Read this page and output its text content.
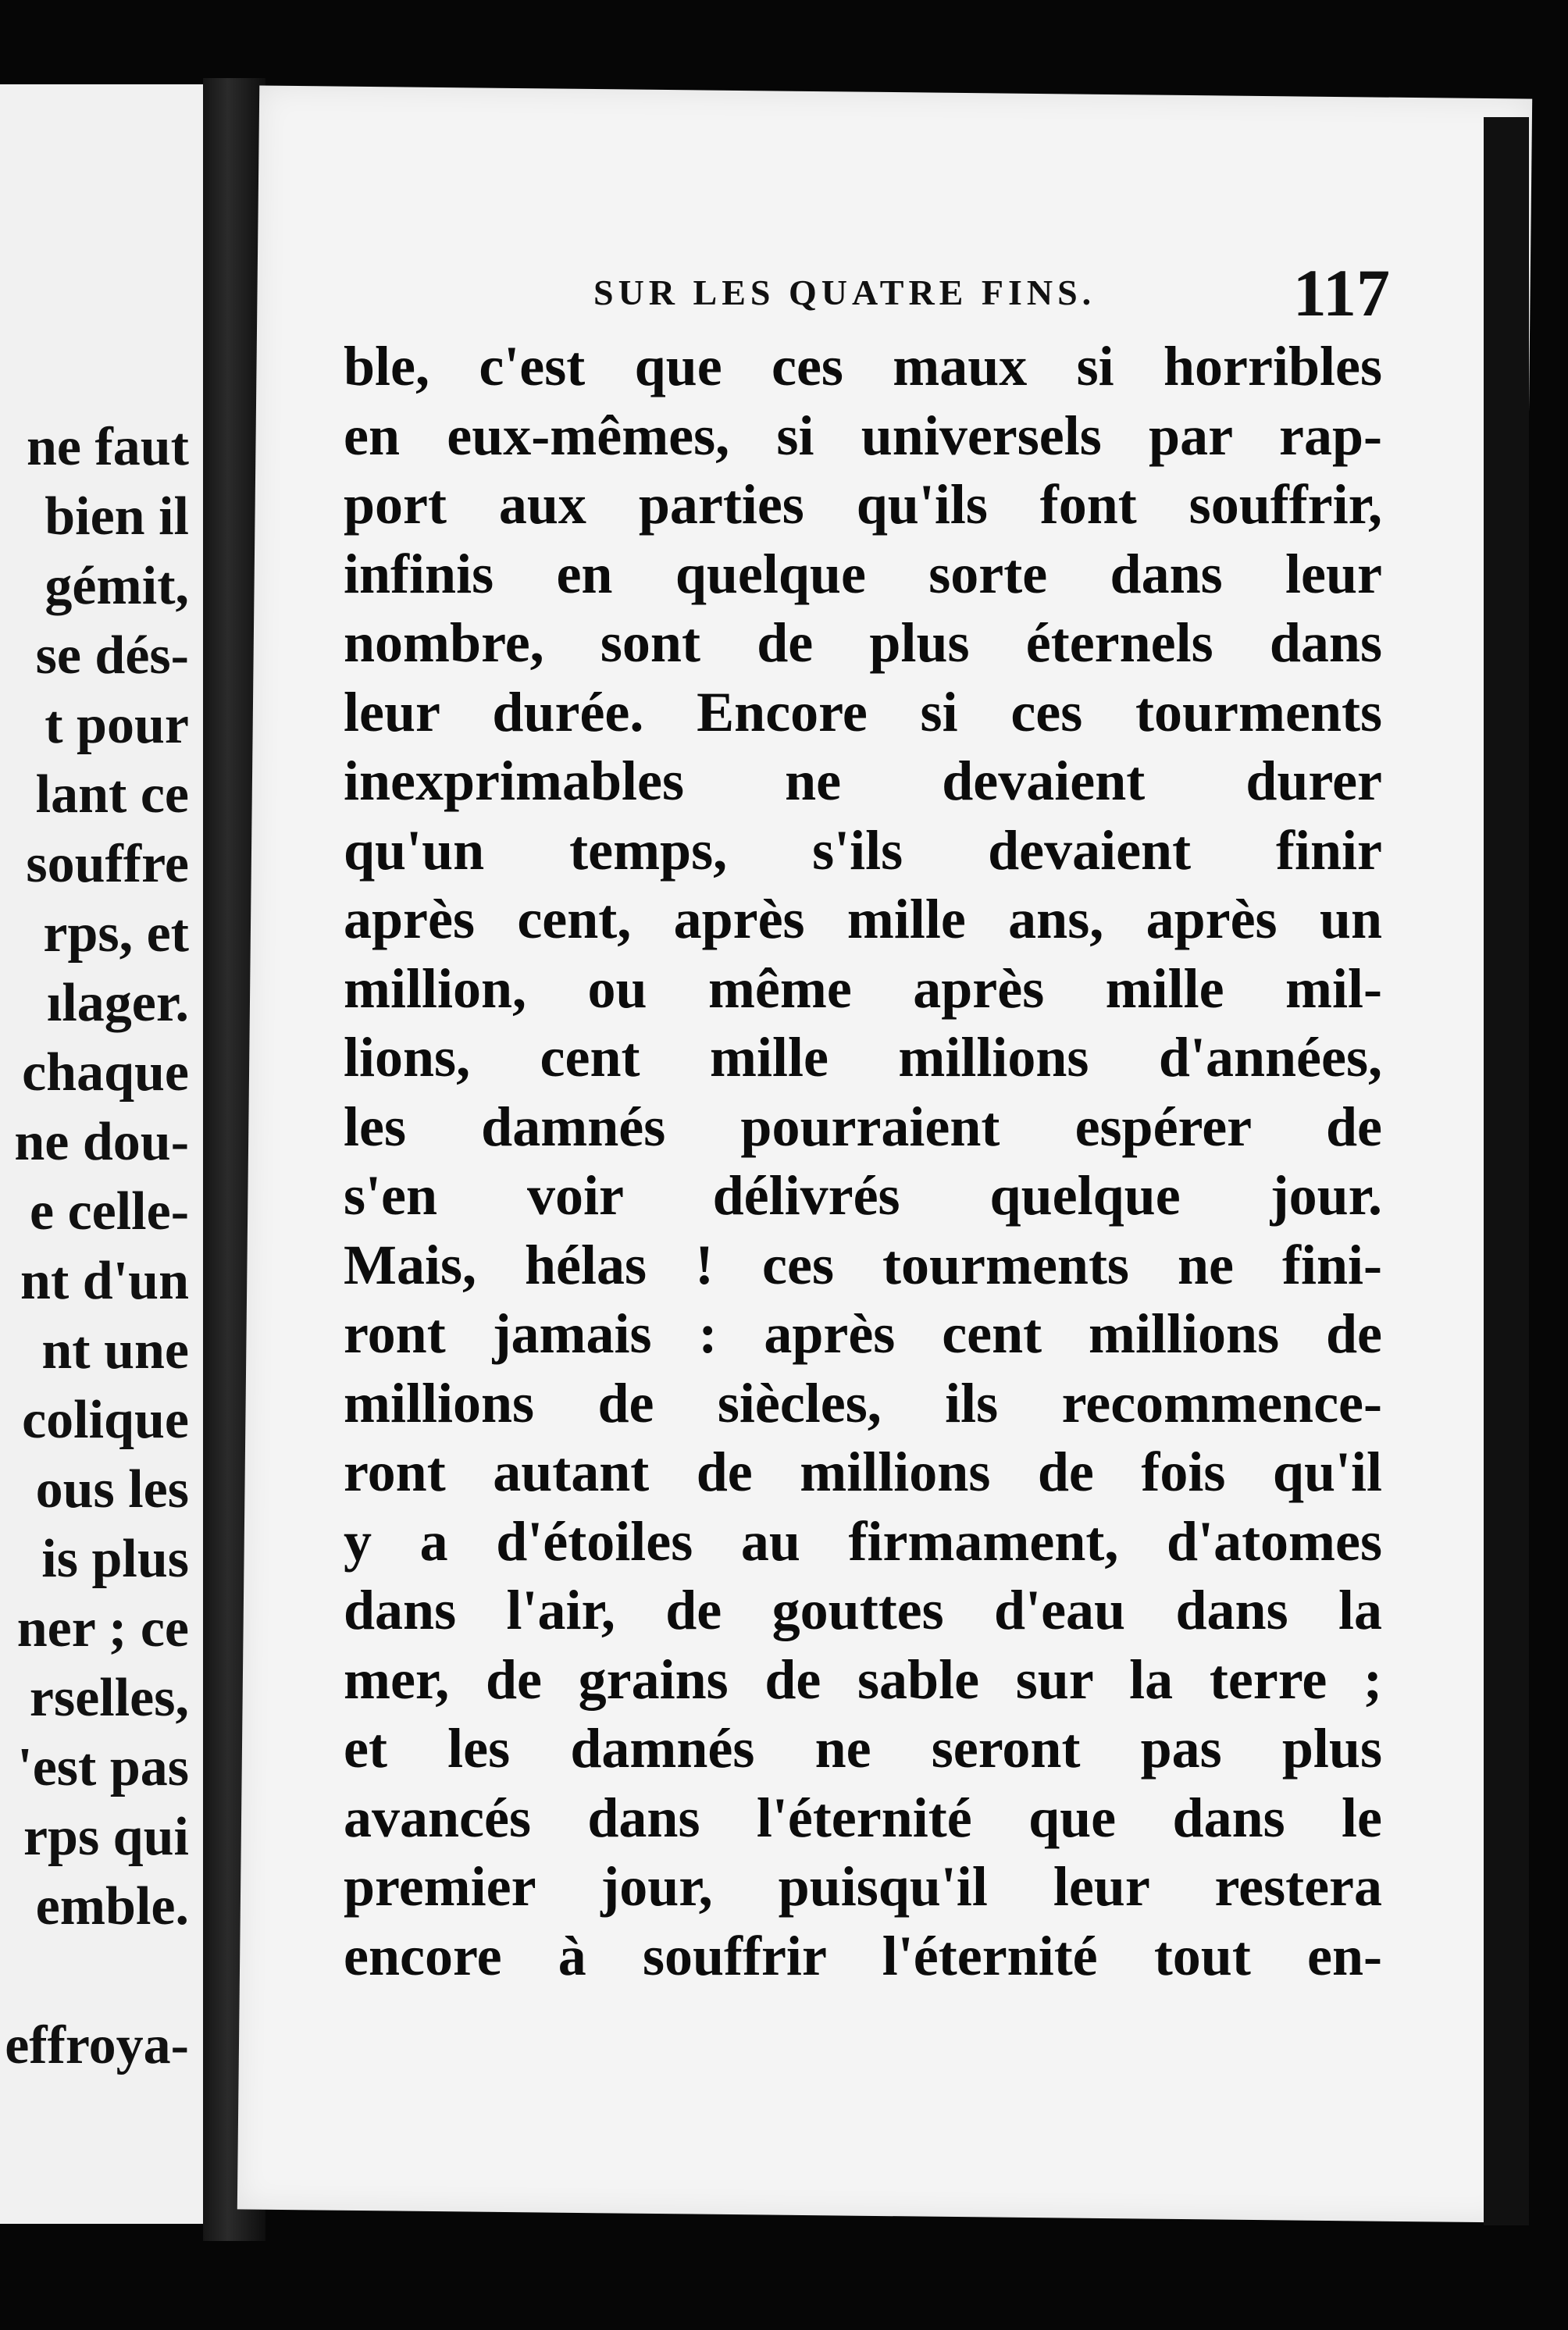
ne faut
bien il
gémit,
se dés-
t pour
lant ce
souffre
rps, et
ılager.
chaque
ne dou-
e celle-
nt d'un
nt une
colique
ous les
is plus
ner ; ce
rselles,
'est pas
rps qui
emble.
effroya-
SUR LES QUATRE FINS.	117
ble, c'est que ces maux si horribles
en eux-mêmes, si universels par rap-
port aux parties qu'ils font souffrir,
infinis en quelque sorte dans leur
nombre, sont de plus éternels dans
leur durée. Encore si ces tourments
inexprimables ne devaient durer
qu'un temps, s'ils devaient finir
après cent, après mille ans, après un
million, ou même après mille mil-
lions, cent mille millions d'années,
les damnés pourraient espérer de
s'en voir délivrés quelque jour.
Mais, hélas ! ces tourments ne fini-
ront jamais : après cent millions de
millions de siècles, ils recommence-
ront autant de millions de fois qu'il
y a d'étoiles au firmament, d'atomes
dans l'air, de gouttes d'eau dans la
mer, de grains de sable sur la terre ;
et les damnés ne seront pas plus
avancés dans l'éternité que dans le
premier jour, puisqu'il leur restera
encore à souffrir l'éternité tout en-
